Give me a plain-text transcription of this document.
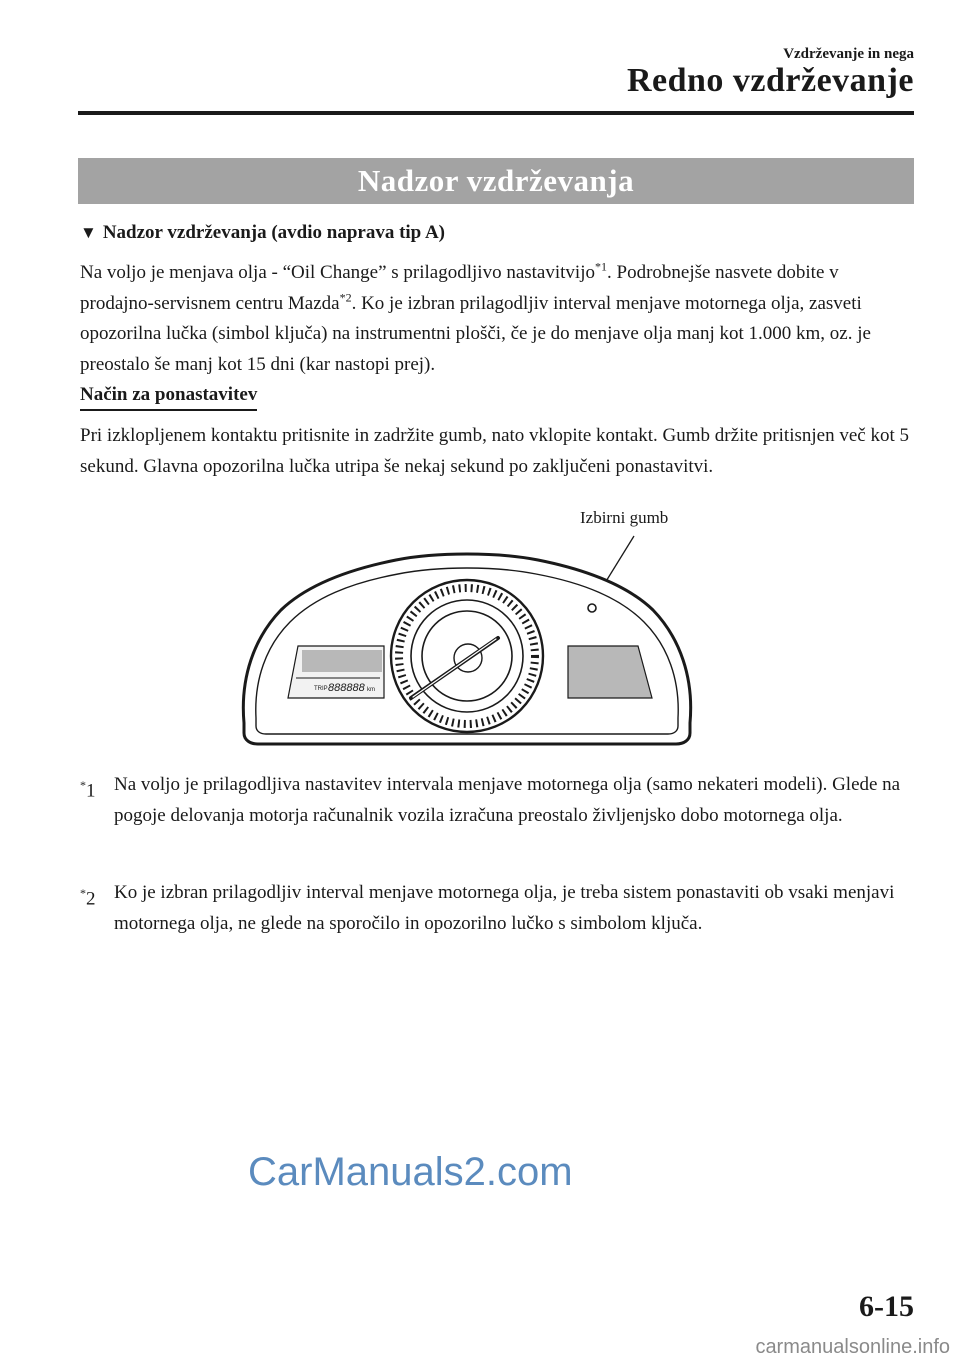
Vzdrževanje in nega
Redno vzdrževanje
Nadzor vzdrževanja
▼ Nadzor vzdrževanja (avdio naprava tip A)

Na voljo je menjava olja - “Oil Change” s prilagodljivo nastavitvijo$^{*1}$. Podrobnejše nasvete dobite v prodajno-servisnem centru Mazda$^{*2}$. Ko je izbran prilagodljiv interval menjave motornega olja, zasveti opozorilna lučka (simbol ključa) na instrumentni plošči, če je do menjave olja manj kot 1.000 km, oz. je preostalo še manj kot 15 dni (kar nastopi prej).

Način za ponastavitev

Pri izklopljenem kontaktu pritisnite in zadržite gumb, nato vklopite kontakt. Gumb držite pritisnjen več kot 5 sekund. Glavna opozorilna lučka utripa še nekaj sekund po zaključeni ponastavitvi.

Izbirni gumb
TRIP 888888 km
*1 Na voljo je prilagodljiva nastavitev intervala menjave motornega olja (samo nekateri modeli). Glede na pogoje delovanja motorja računalnik vozila izračuna preostalo življenjsko dobo motornega olja.
*2 Ko je izbran prilagodljiv interval menjave motornega olja, je treba sistem ponastaviti ob vsaki menjavi motornega olja, ne glede na sporočilo in opozorilno lučko s simbolom ključa.
CarManuals2.com
6-15
carmanualsonline.info
